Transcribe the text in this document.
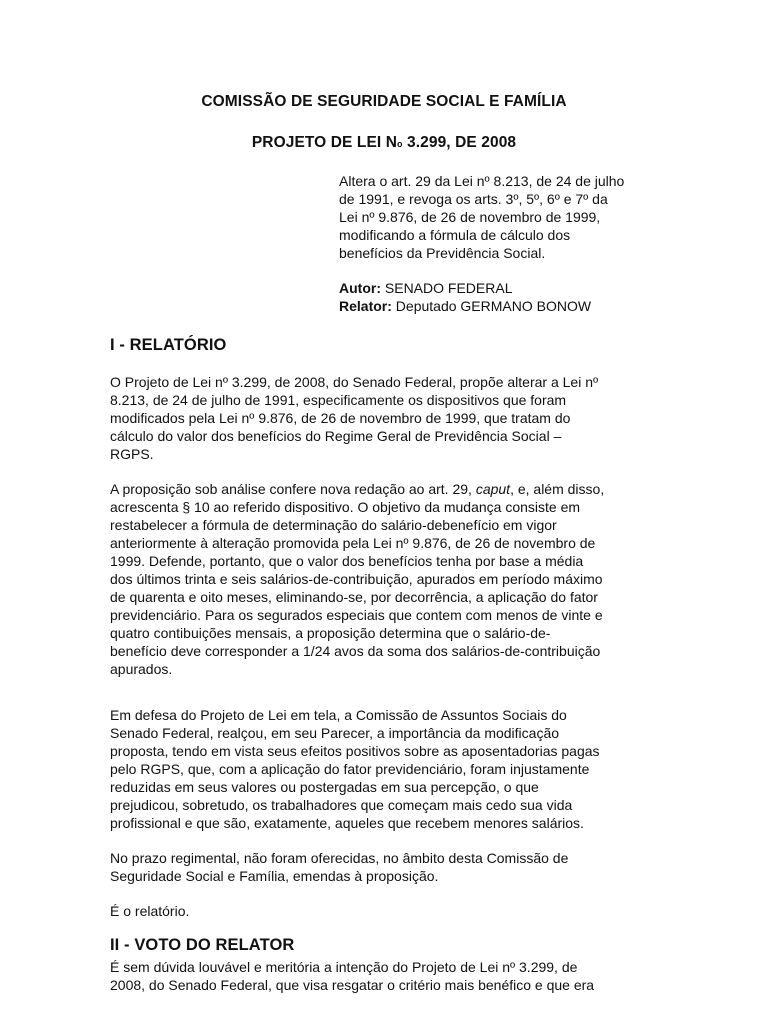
COMISSÃO DE SEGURIDADE SOCIAL E FAMÍLIA
PROJETO DE LEI No 3.299, DE 2008
Altera o art. 29 da Lei nº 8.213, de 24 de julho
de 1991, e revoga os arts. 3º, 5º, 6º e 7º da
Lei nº 9.876, de 26 de novembro de 1999,
modificando a fórmula de cálculo dos
benefícios da Previdência Social.
Autor: SENADO FEDERAL
Relator: Deputado GERMANO BONOW
I - RELATÓRIO
O Projeto de Lei nº 3.299, de 2008, do Senado Federal, propõe alterar a Lei nº
8.213, de 24 de julho de 1991, especificamente os dispositivos que foram
modificados pela Lei nº 9.876, de 26 de novembro de 1999, que tratam do
cálculo do valor dos benefícios do Regime Geral de Previdência Social –
RGPS.
A proposição sob análise confere nova redação ao art. 29, caput, e, além disso,
acrescenta § 10 ao referido dispositivo. O objetivo da mudança consiste em
restabelecer a fórmula de determinação do salário-debenefício em vigor
anteriormente à alteração promovida pela Lei nº 9.876, de 26 de novembro de
1999. Defende, portanto, que o valor dos benefícios tenha por base a média
dos últimos trinta e seis salários-de-contribuição, apurados em período máximo
de quarenta e oito meses, eliminando-se, por decorrência, a aplicação do fator
previdenciário. Para os segurados especiais que contem com menos de vinte e
quatro contibuições mensais, a proposição determina que o salário-de-
benefício deve corresponder a 1/24 avos da soma dos salários-de-contribuição
apurados.
Em defesa do Projeto de Lei em tela, a Comissão de Assuntos Sociais do
Senado Federal, realçou, em seu Parecer, a importância da modificação
proposta, tendo em vista seus efeitos positivos sobre as aposentadorias pagas
pelo RGPS, que, com a aplicação do fator previdenciário, foram injustamente
reduzidas em seus valores ou postergadas em sua percepção, o que
prejudicou, sobretudo, os trabalhadores que começam mais cedo sua vida
profissional e que são, exatamente, aqueles que recebem menores salários.
No prazo regimental, não foram oferecidas, no âmbito desta Comissão de
Seguridade Social e Família, emendas à proposição.
É o relatório.
II - VOTO DO RELATOR
É sem dúvida louvável e meritória a intenção do Projeto de Lei nº 3.299, de
2008, do Senado Federal, que visa resgatar o critério mais benéfico e que era
